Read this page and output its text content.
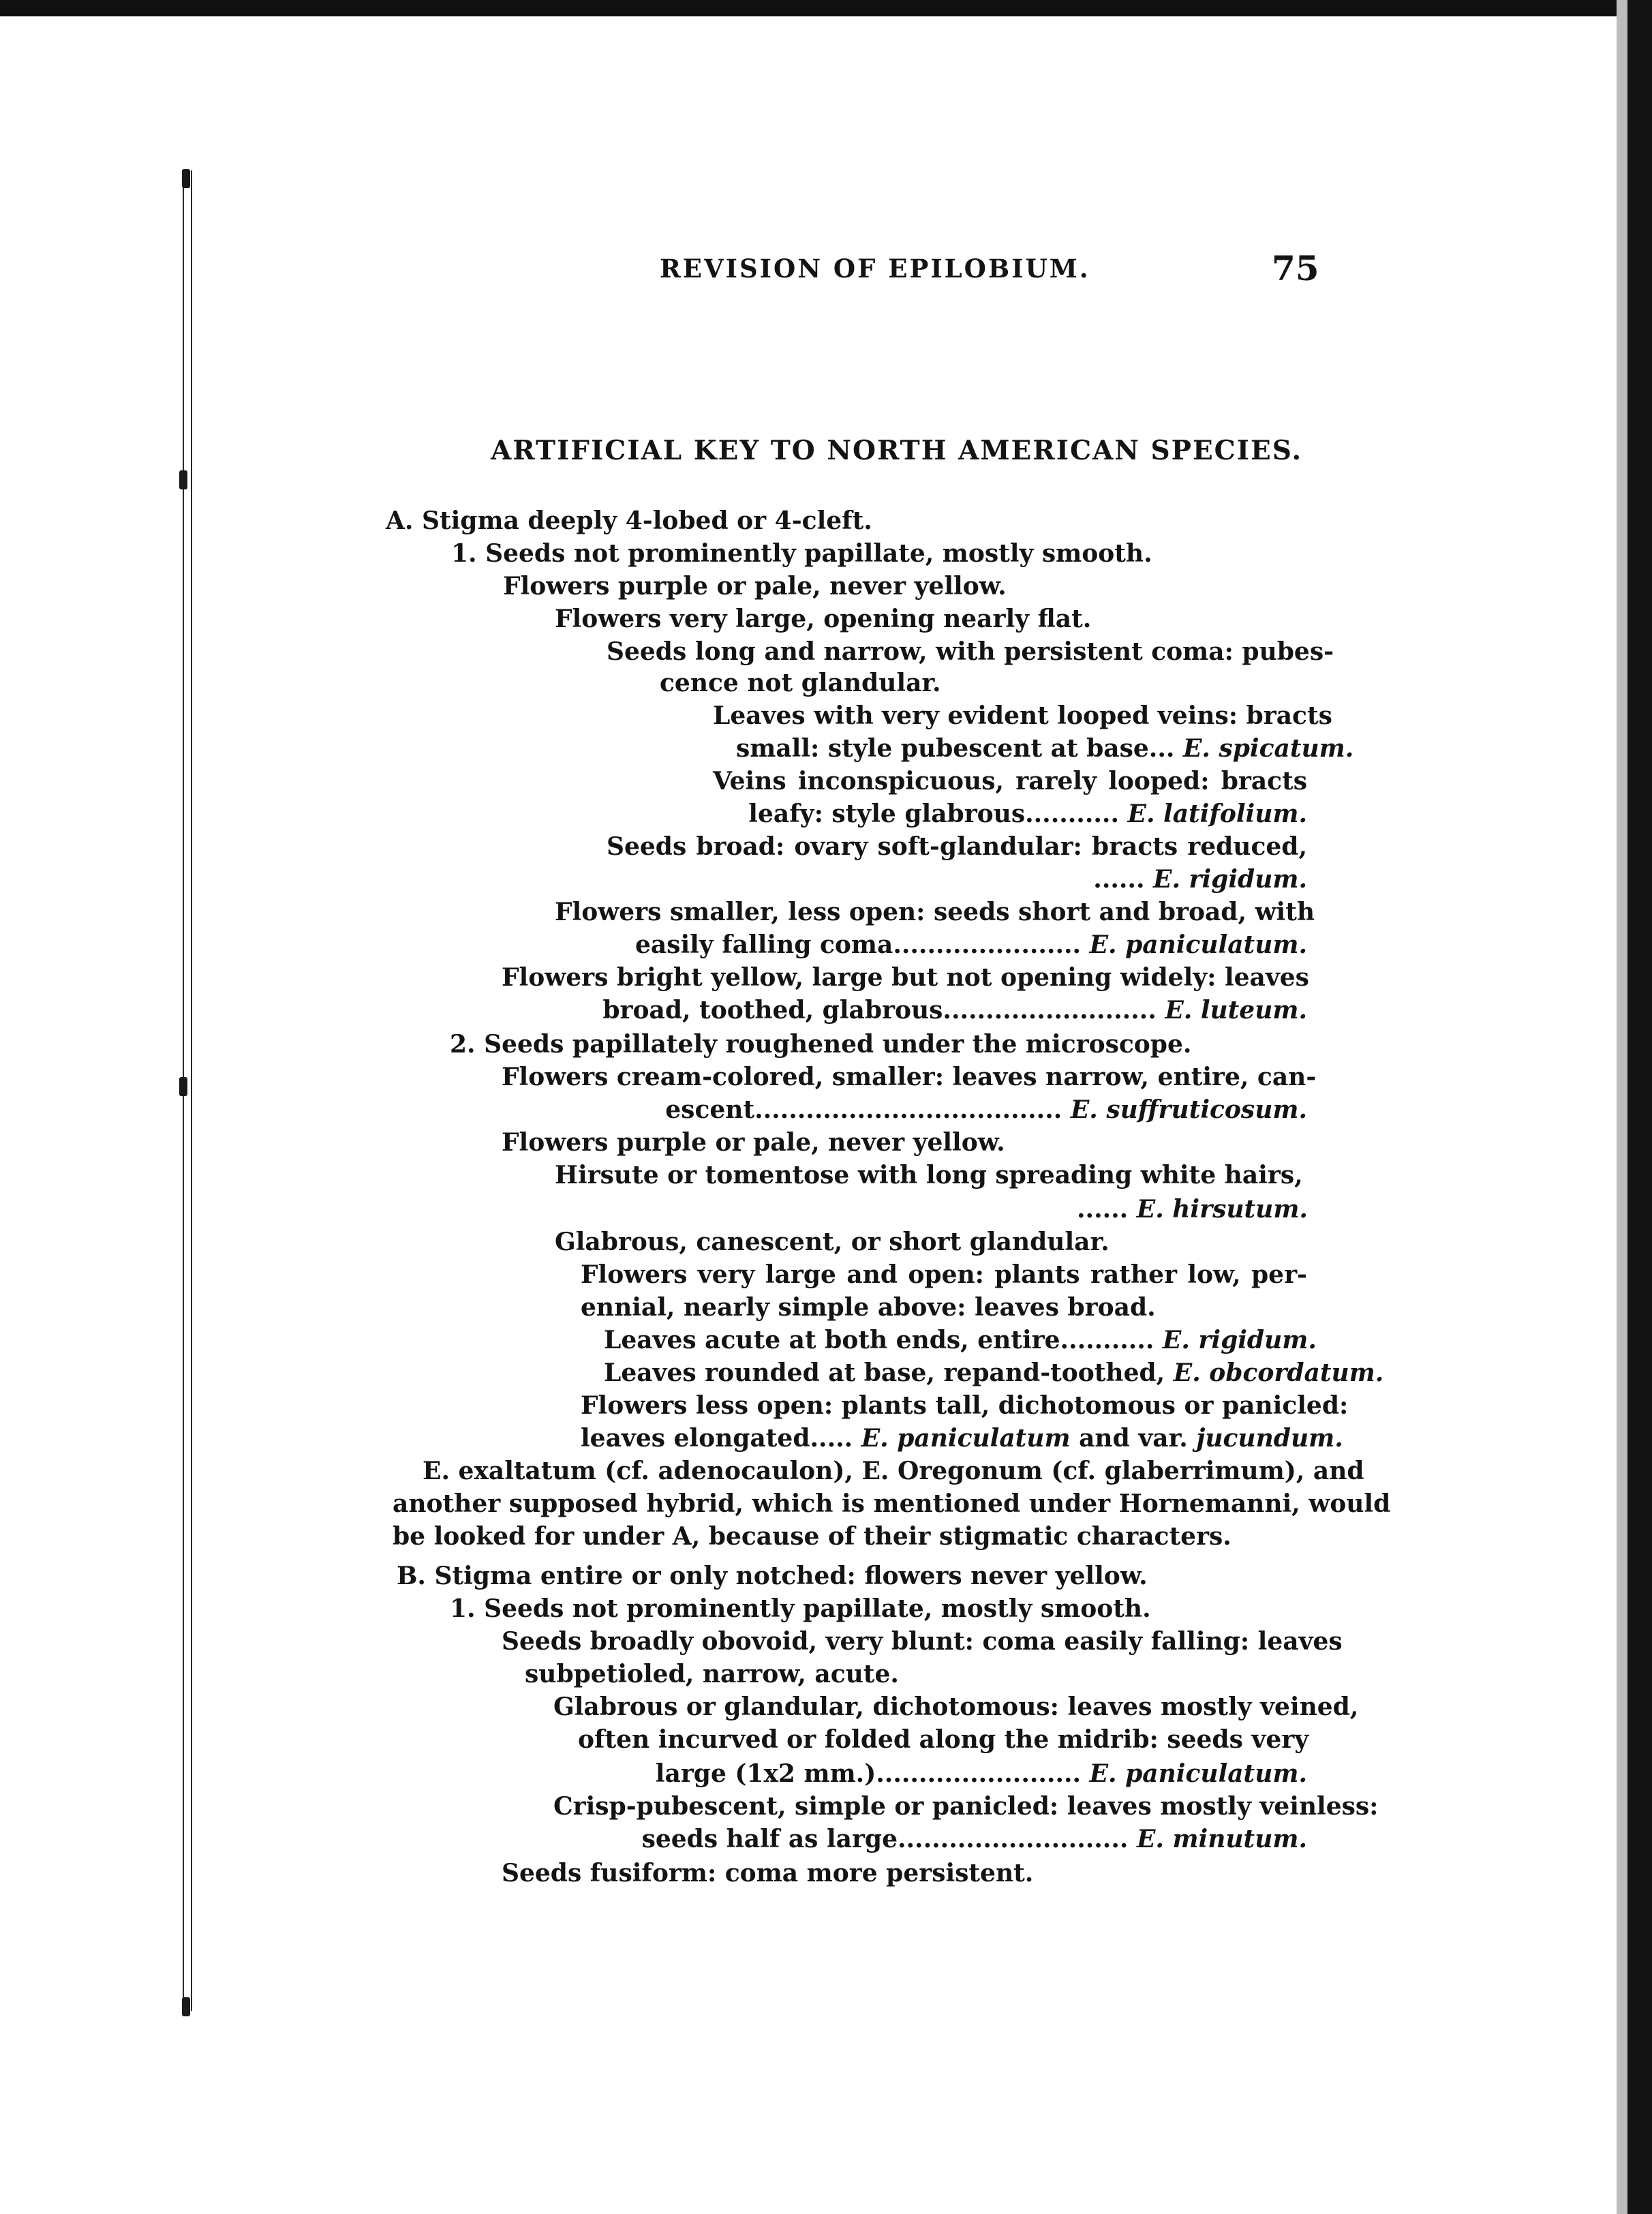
REVISION OF EPILOBIUM.	75
ARTIFICIAL KEY TO NORTH AMERICAN SPECIES.
A. Stigma deeply 4-lobed or 4-cleft.
1. Seeds not prominently papillate, mostly smooth.
Flowers purple or pale, never yellow.
Flowers very large, opening nearly flat.
Seeds long and narrow, with persistent coma: pubes-
cence not glandular.
Leaves with very evident looped veins: bracts
small: style pubescent at base... E. spicatum.
Veins inconspicuous, rarely looped: bracts
leafy: style glabrous........... E. latifolium.
Seeds broad: ovary soft-glandular: bracts reduced,
...... E. rigidum.
Flowers smaller, less open: seeds short and broad, with
easily falling coma...................... E. paniculatum.
Flowers bright yellow, large but not opening widely: leaves
broad, toothed, glabrous......................... E. luteum.
2. Seeds papillately roughened under the microscope.
Flowers cream-colored, smaller: leaves narrow, entire, can-
escent.................................... E. suffruticosum.
Flowers purple or pale, never yellow.
Hirsute or tomentose with long spreading white hairs,
...... E. hirsutum.
Glabrous, canescent, or short glandular.
Flowers very large and open: plants rather low, per-
ennial, nearly simple above: leaves broad.
Leaves acute at both ends, entire........... E. rigidum.
Leaves rounded at base, repand-toothed, E. obcordatum.
Flowers less open: plants tall, dichotomous or panicled:
leaves elongated..... E. paniculatum and var. jucundum.
E. exaltatum (cf. adenocaulon), E. Oregonum (cf. glaberrimum), and
another supposed hybrid, which is mentioned under Hornemanni, would
be looked for under A, because of their stigmatic characters.
B. Stigma entire or only notched: flowers never yellow.
1. Seeds not prominently papillate, mostly smooth.
Seeds broadly obovoid, very blunt: coma easily falling: leaves
subpetioled, narrow, acute.
Glabrous or glandular, dichotomous: leaves mostly veined,
often incurved or folded along the midrib: seeds very
large (1x2 mm.)........................ E. paniculatum.
Crisp-pubescent, simple or panicled: leaves mostly veinless:
seeds half as large........................... E. minutum.
Seeds fusiform: coma more persistent.
